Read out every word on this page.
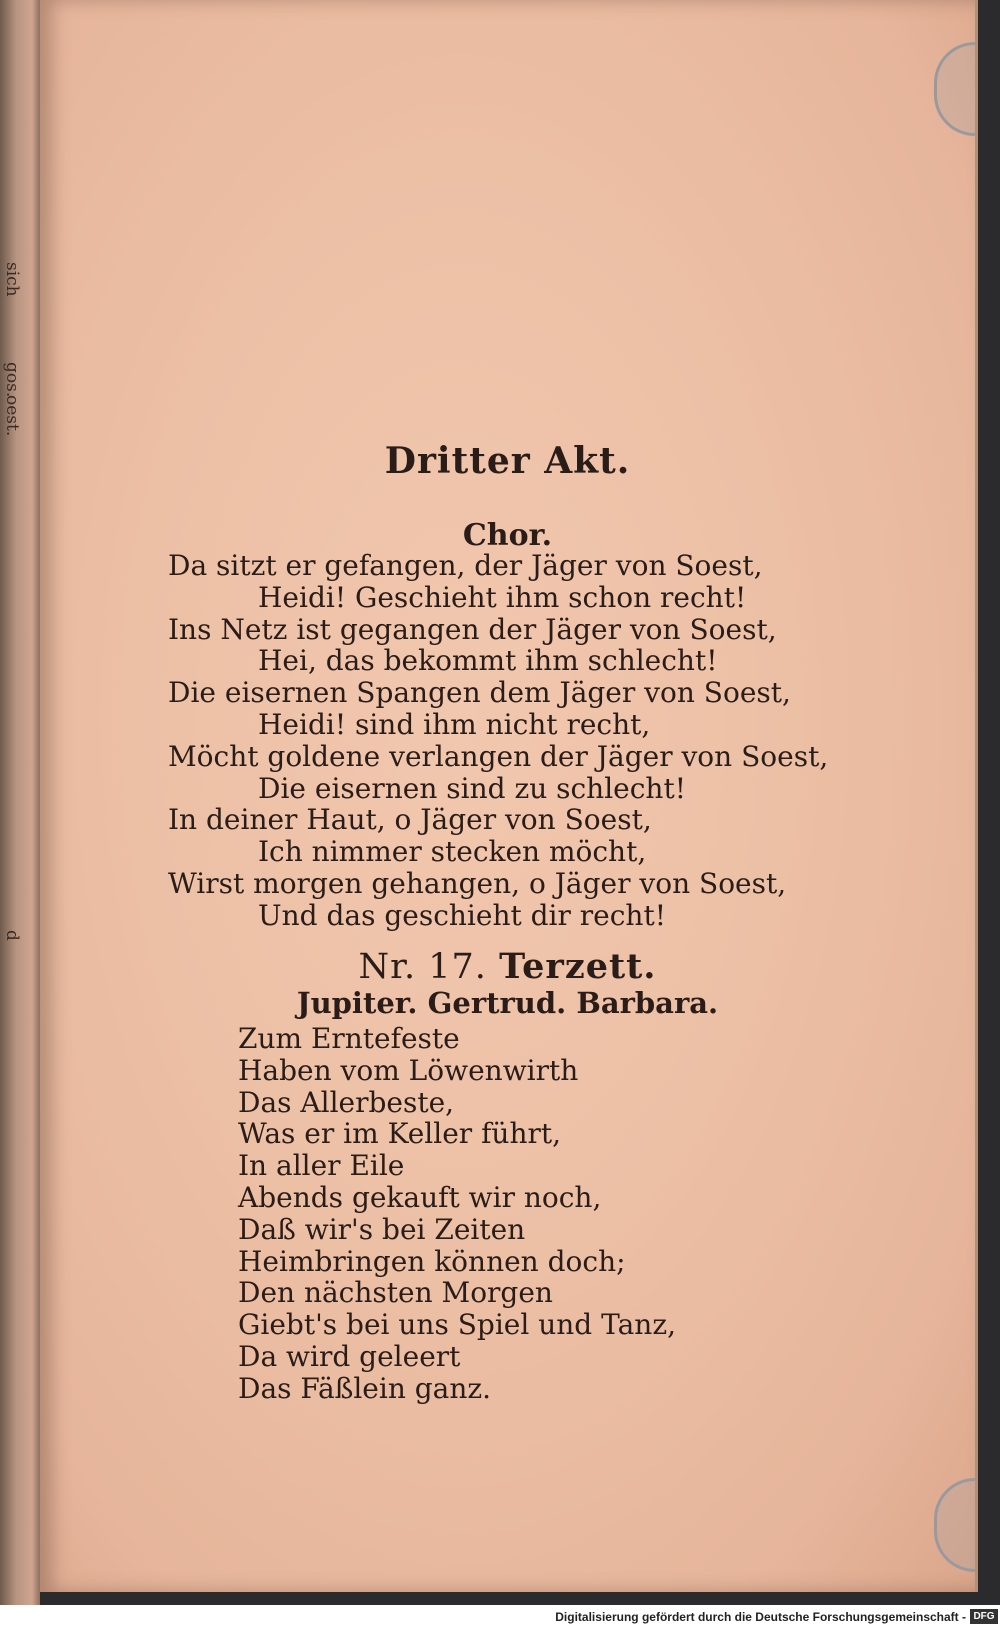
sich
gos.
oest.
d
Dritter Akt.
Chor.
Da sitzt er gefangen, der Jäger von Soest,
Heidi! Geschieht ihm schon recht!
Ins Netz ist gegangen der Jäger von Soest,
Hei, das bekommt ihm schlecht!
Die eisernen Spangen dem Jäger von Soest,
Heidi! sind ihm nicht recht,
Möcht goldene verlangen der Jäger von Soest,
Die eisernen sind zu schlecht!
In deiner Haut, o Jäger von Soest,
Ich nimmer stecken möcht,
Wirst morgen gehangen, o Jäger von Soest,
Und das geschieht dir recht!
Nr. 17. Terzett.
Jupiter. Gertrud. Barbara.
Zum Erntefeste
Haben vom Löwenwirth
Das Allerbeste,
Was er im Keller führt,
In aller Eile
Abends gekauft wir noch,
Daß wir's bei Zeiten
Heimbringen können doch;
Den nächsten Morgen
Giebt's bei uns Spiel und Tanz,
Da wird geleert
Das Fäßlein ganz.
Digitalisierung gefördert durch die Deutsche Forschungsgemeinschaft - DFG
